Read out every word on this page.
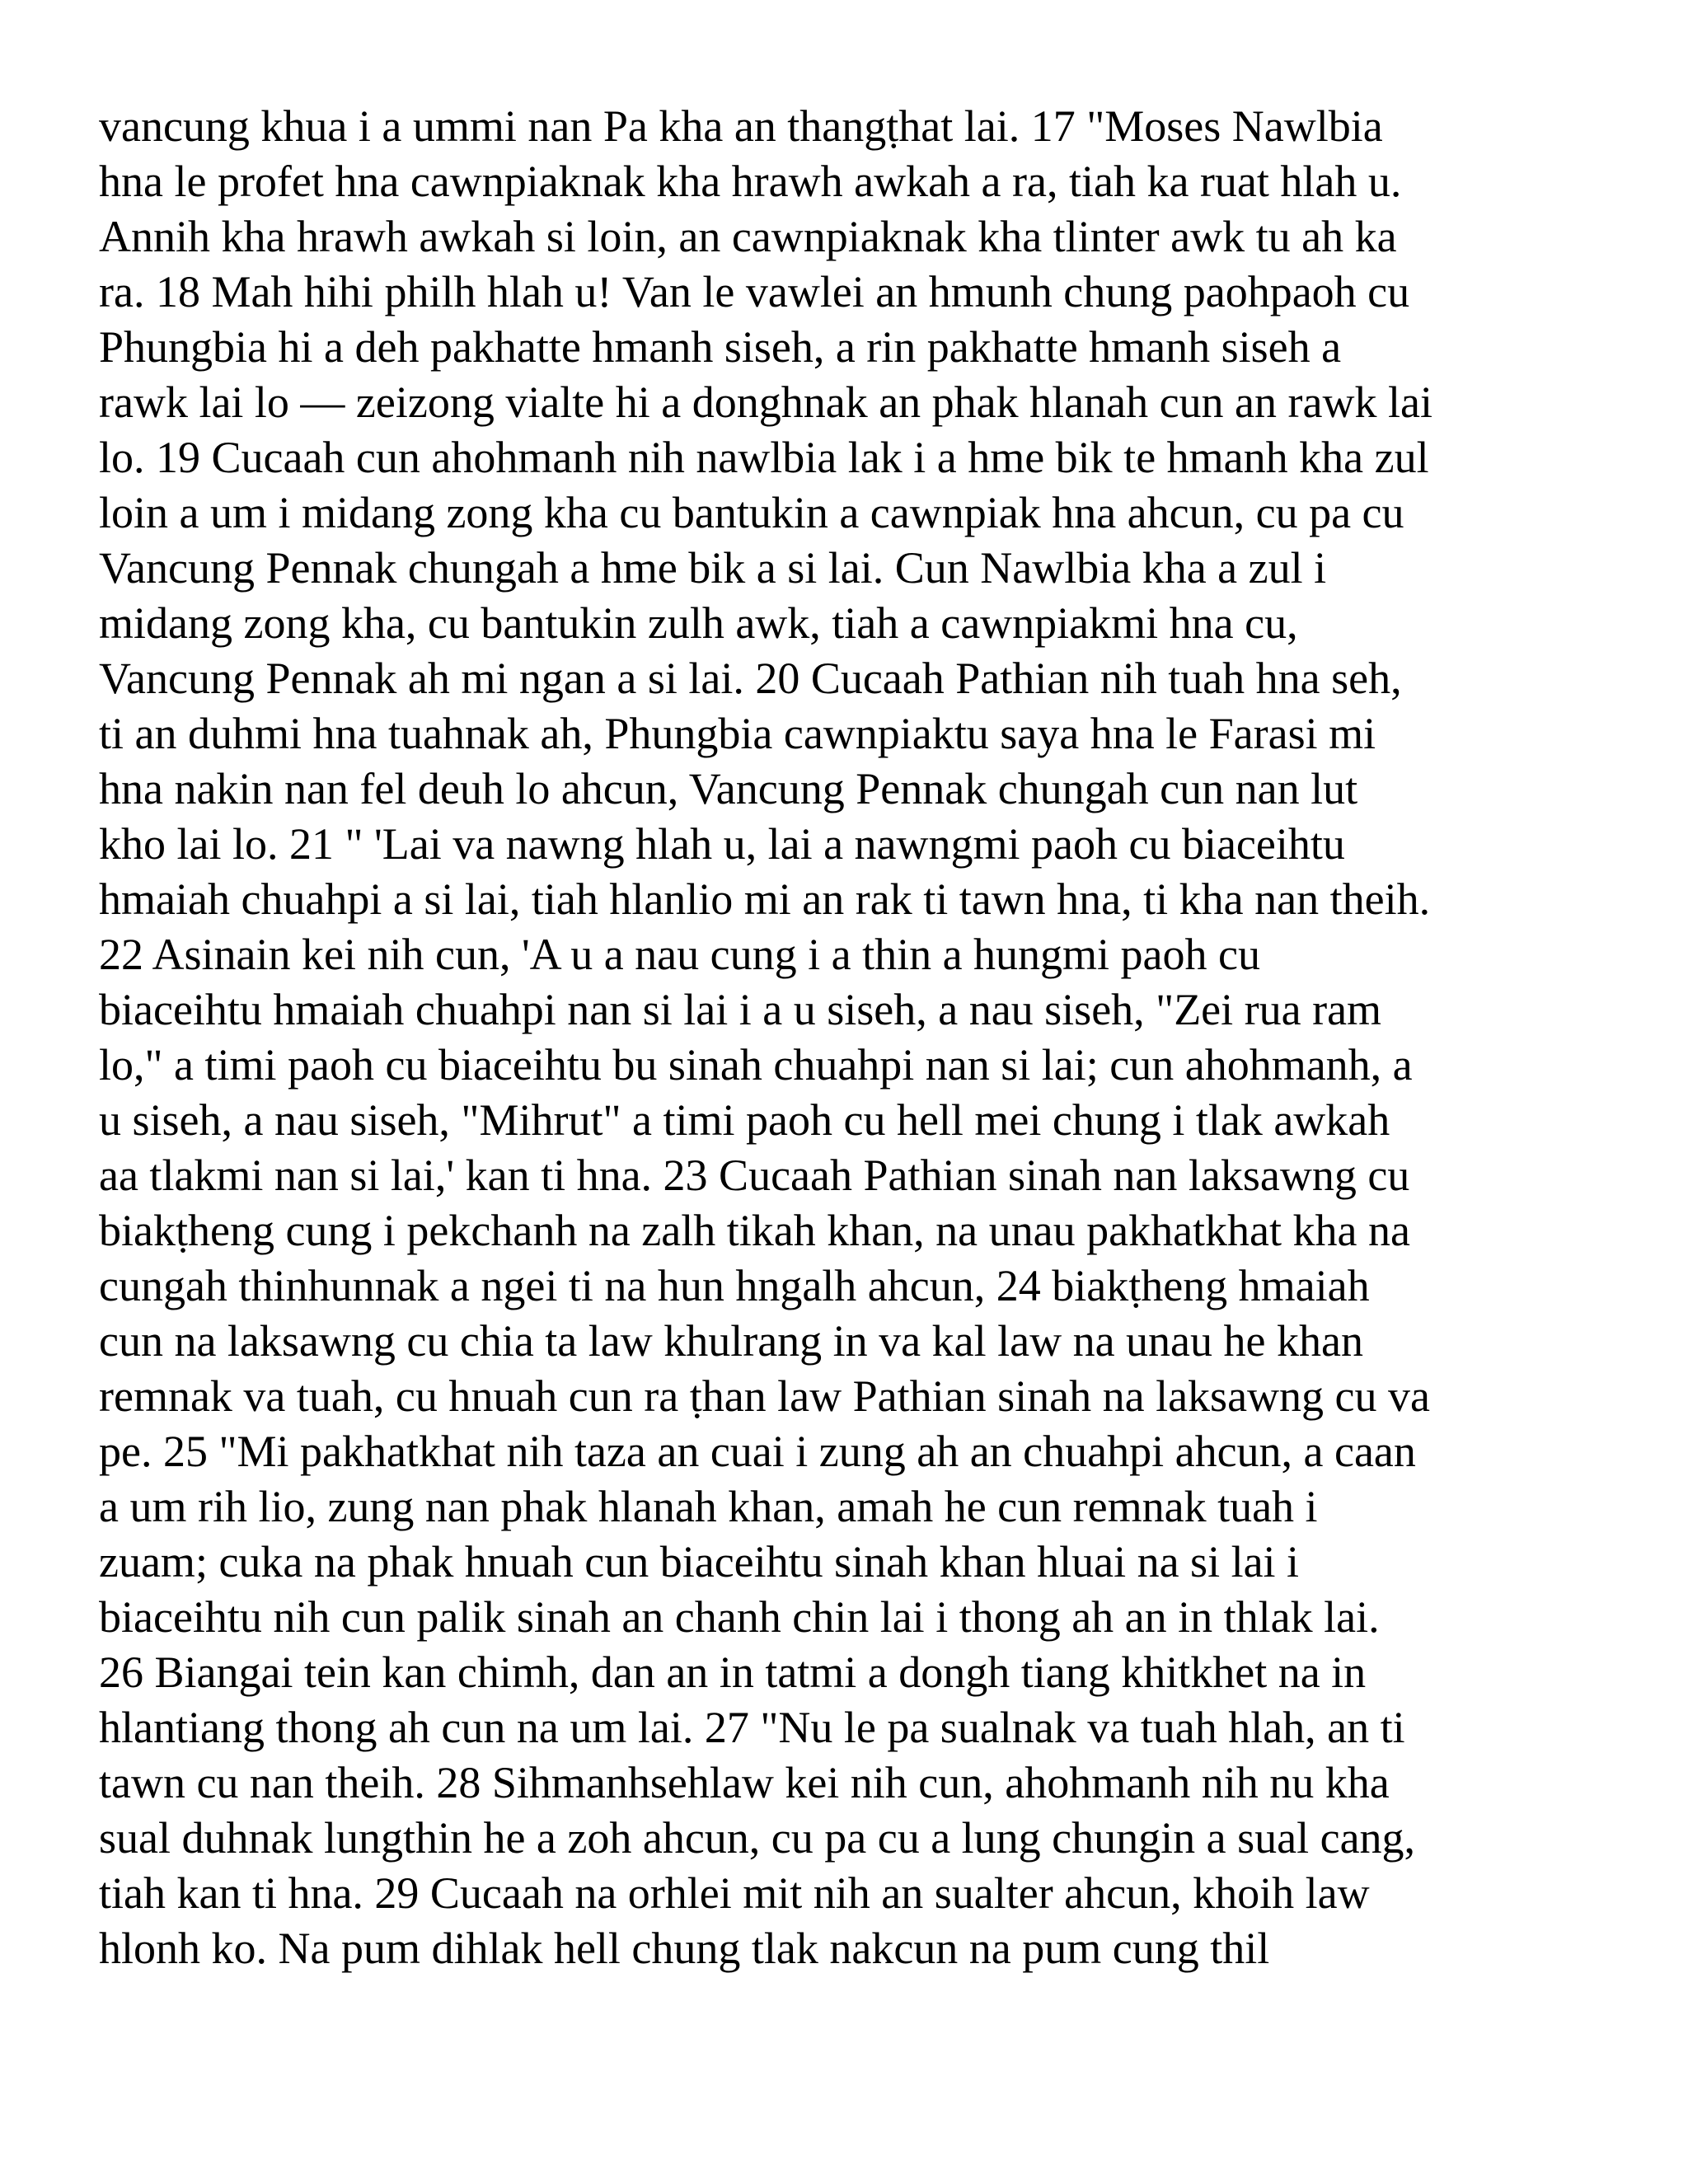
vancung khua i a ummi nan Pa kha an thangṭhat lai. 17 "Moses Nawlbia
hna le profet hna cawnpiaknak kha hrawh awkah a ra, tiah ka ruat hlah u.
Annih kha hrawh awkah si loin, an cawnpiaknak kha tlinter awk tu ah ka
ra. 18 Mah hihi philh hlah u! Van le vawlei an hmunh chung paohpaoh cu
Phungbia hi a deh pakhatte hmanh siseh, a rin pakhatte hmanh siseh a
rawk lai lo — zeizong vialte hi a donghnak an phak hlanah cun an rawk lai
lo. 19 Cucaah cun ahohmanh nih nawlbia lak i a hme bik te hmanh kha zul
loin a um i midang zong kha cu bantukin a cawnpiak hna ahcun, cu pa cu
Vancung Pennak chungah a hme bik a si lai. Cun Nawlbia kha a zul i
midang zong kha, cu bantukin zulh awk, tiah a cawnpiakmi hna cu,
Vancung Pennak ah mi ngan a si lai. 20 Cucaah Pathian nih tuah hna seh,
ti an duhmi hna tuahnak ah, Phungbia cawnpiaktu saya hna le Farasi mi
hna nakin nan fel deuh lo ahcun, Vancung Pennak chungah cun nan lut
kho lai lo. 21 " 'Lai va nawng hlah u, lai a nawngmi paoh cu biaceihtu
hmaiah chuahpi a si lai, tiah hlanlio mi an rak ti tawn hna, ti kha nan theih.
22 Asinain kei nih cun, 'A u a nau cung i a thin a hungmi paoh cu
biaceihtu hmaiah chuahpi nan si lai i a u siseh, a nau siseh, "Zei rua ram
lo," a timi paoh cu biaceihtu bu sinah chuahpi nan si lai; cun ahohmanh, a
u siseh, a nau siseh, "Mihrut" a timi paoh cu hell mei chung i tlak awkah
aa tlakmi nan si lai,' kan ti hna. 23 Cucaah Pathian sinah nan laksawng cu
biakṭheng cung i pekchanh na zalh tikah khan, na unau pakhatkhat kha na
cungah thinhunnak a ngei ti na hun hngalh ahcun, 24 biakṭheng hmaiah
cun na laksawng cu chia ta law khulrang in va kal law na unau he khan
remnak va tuah, cu hnuah cun ra ṭhan law Pathian sinah na laksawng cu va
pe. 25 "Mi pakhatkhat nih taza an cuai i zung ah an chuahpi ahcun, a caan
a um rih lio, zung nan phak hlanah khan, amah he cun remnak tuah i
zuam; cuka na phak hnuah cun biaceihtu sinah khan hluai na si lai i
biaceihtu nih cun palik sinah an chanh chin lai i thong ah an in thlak lai.
26 Biangai tein kan chimh, dan an in tatmi a dongh tiang khitkhet na in
hlantiang thong ah cun na um lai. 27 "Nu le pa sualnak va tuah hlah, an ti
tawn cu nan theih. 28 Sihmanhsehlaw kei nih cun, ahohmanh nih nu kha
sual duhnak lungthin he a zoh ahcun, cu pa cu a lung chungin a sual cang,
tiah kan ti hna. 29 Cucaah na orhlei mit nih an sualter ahcun, khoih law
hlonh ko. Na pum dihlak hell chung tlak nakcun na pum cung thil
